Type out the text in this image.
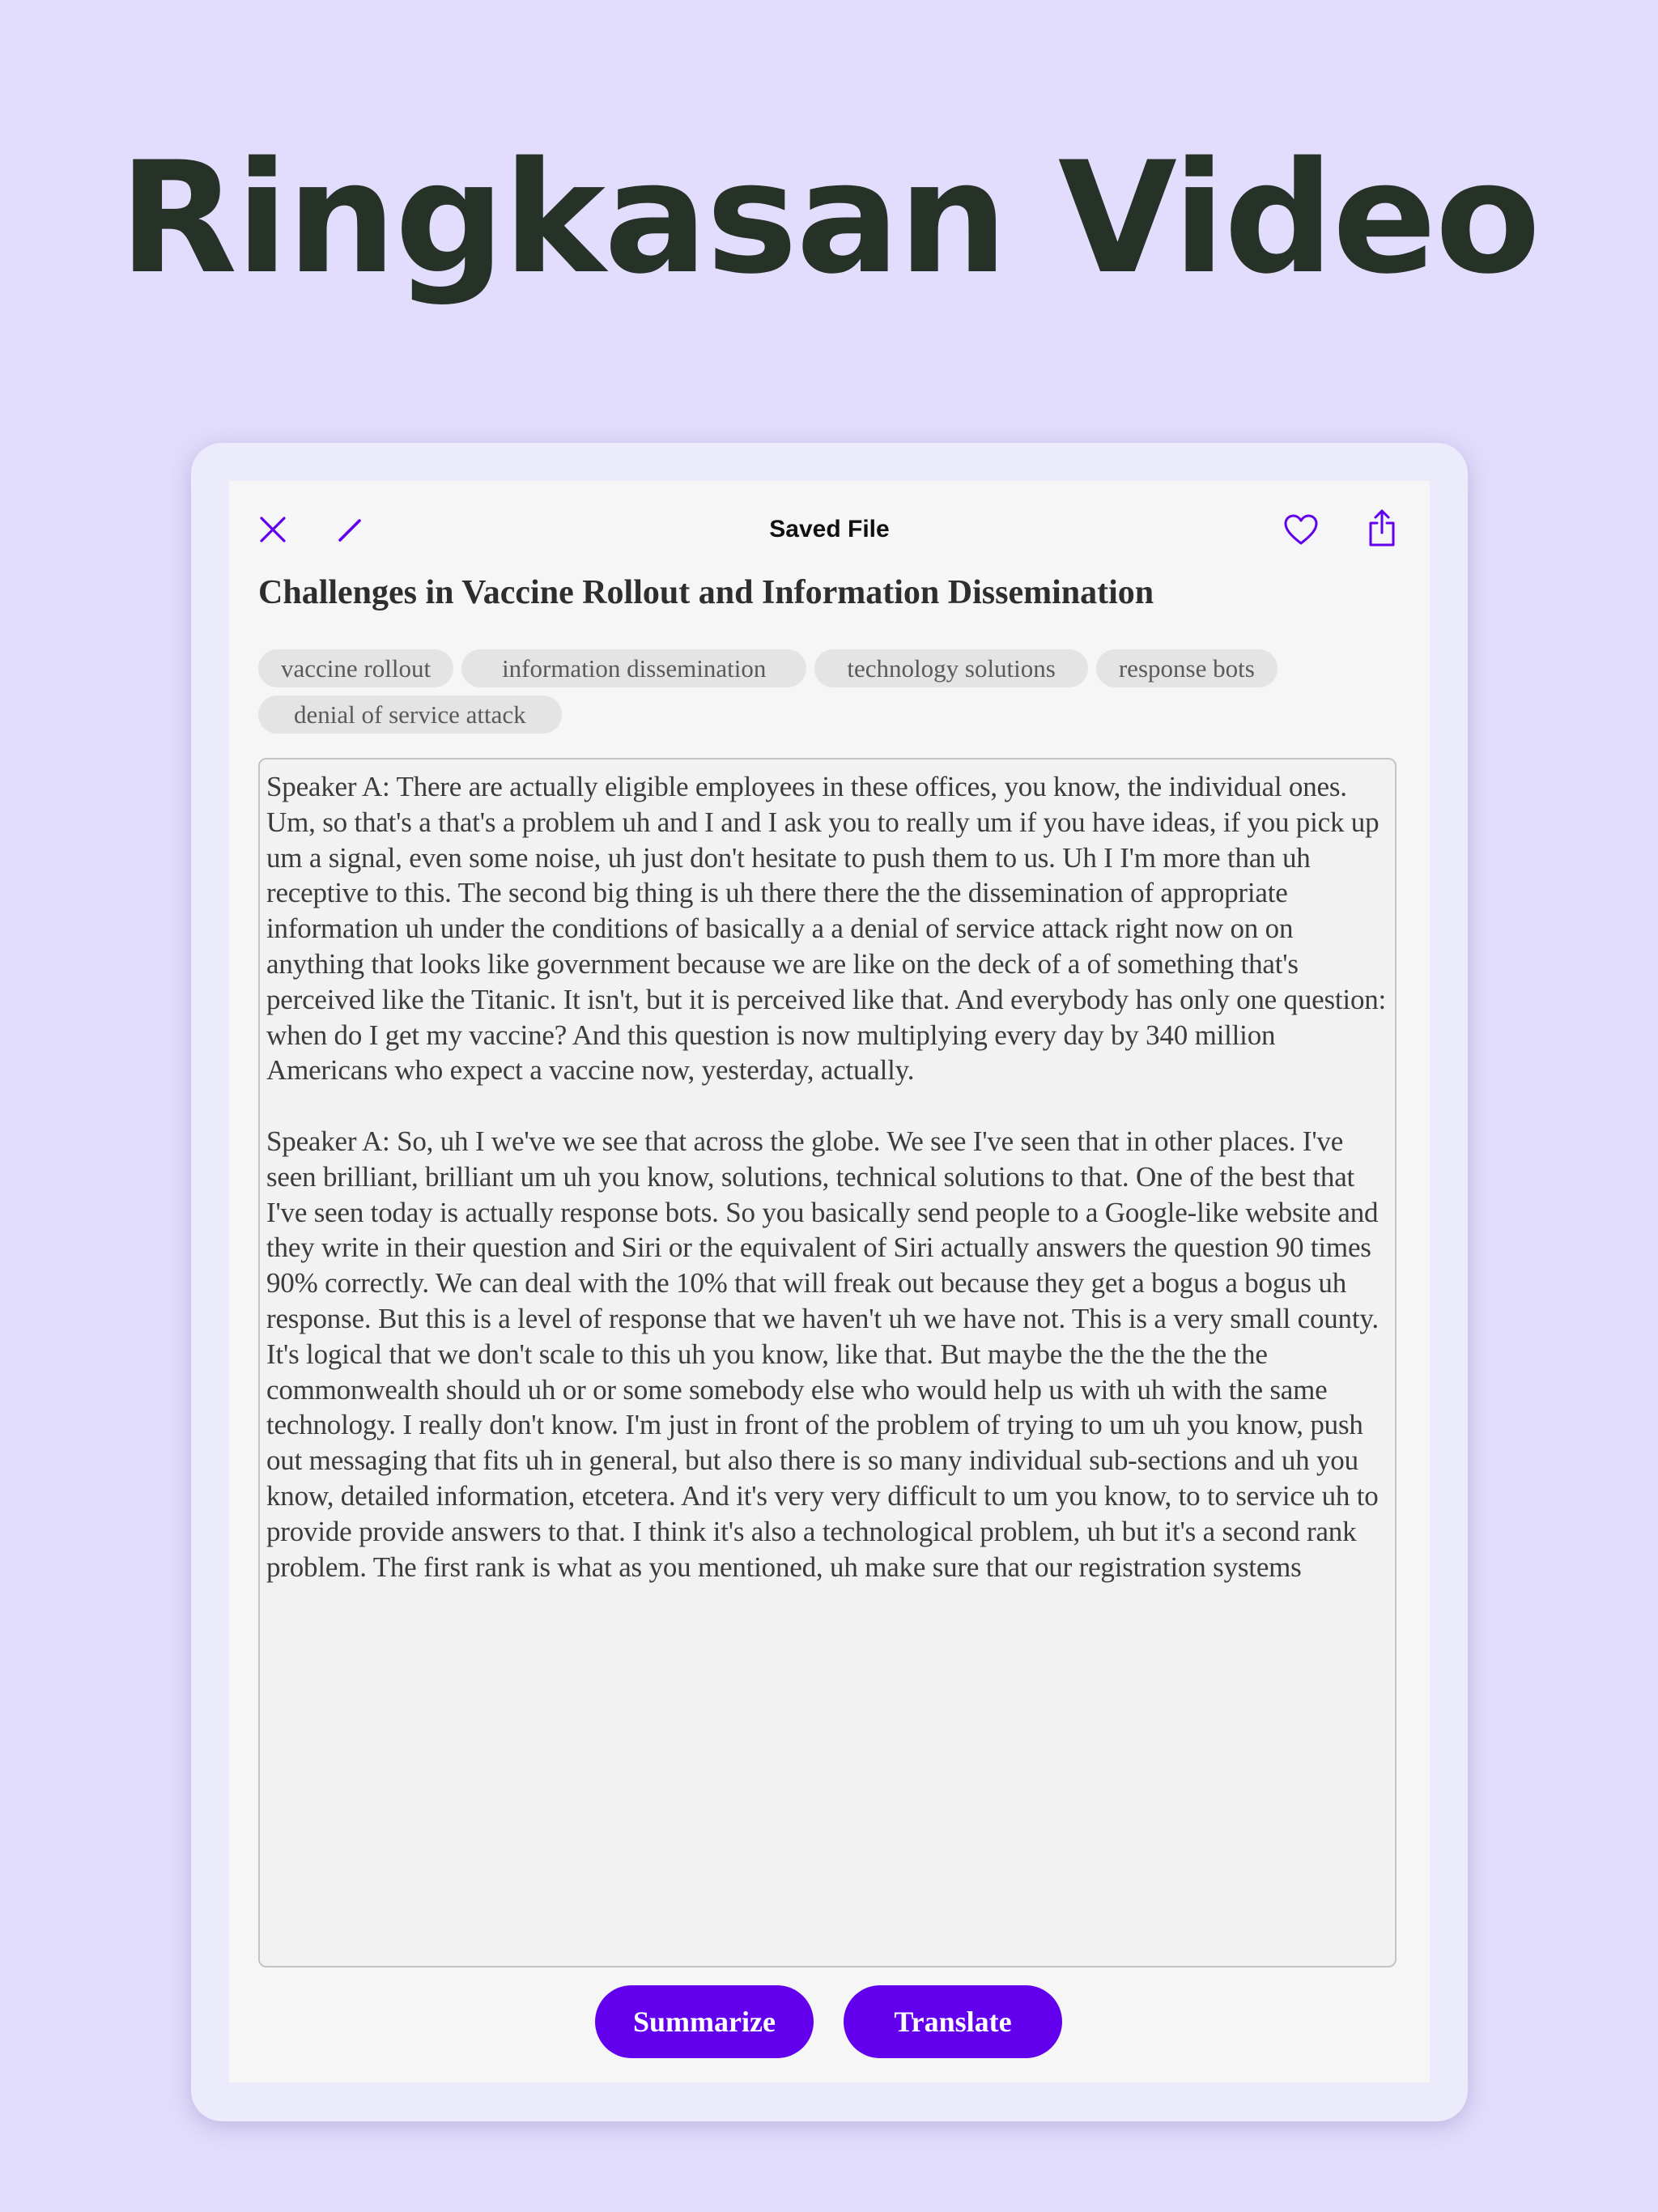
Ringkasan Video
Saved File
Challenges in Vaccine Rollout and Information Dissemination
vaccine rollout	information dissemination	technology solutions	response bots
denial of service attack

Speaker A: There are actually eligible employees in these offices, you know, the individual ones. Um, so that's a that's a problem uh and I and I ask you to really um if you have ideas, if you pick up um a signal, even some noise, uh just don't hesitate to push them to us. Uh I I'm more than uh receptive to this. The second big thing is uh there there the the dissemination of appropriate information uh under the conditions of basically a a denial of service attack right now on on anything that looks like government because we are like on the deck of a of something that's perceived like the Titanic. It isn't, but it is perceived like that. And everybody has only one question: when do I get my vaccine? And this question is now multiplying every day by 340 million Americans who expect a vaccine now, yesterday, actually.

Speaker A: So, uh I we've we see that across the globe. We see I've seen that in other places. I've seen brilliant, brilliant um uh you know, solutions, technical solutions to that. One of the best that I've seen today is actually response bots. So you basically send people to a Google-like website and they write in their question and Siri or the equivalent of Siri actually answers the question 90 times 90% correctly. We can deal with the 10% that will freak out because they get a bogus a bogus uh response. But this is a level of response that we haven't uh we have not. This is a very small county. It's logical that we don't scale to this uh you know, like that. But maybe the the the the the commonwealth should uh or or some somebody else who would help us with uh with the same technology. I really don't know. I'm just in front of the problem of trying to um uh you know, push out messaging that fits uh in general, but also there is so many individual sub-sections and uh you know, detailed information, etcetera. And it's very very difficult to um you know, to to service uh to provide provide answers to that. I think it's also a technological problem, uh but it's a second rank problem. The first rank is what as you mentioned, uh make sure that our registration systems

Summarize	Translate
